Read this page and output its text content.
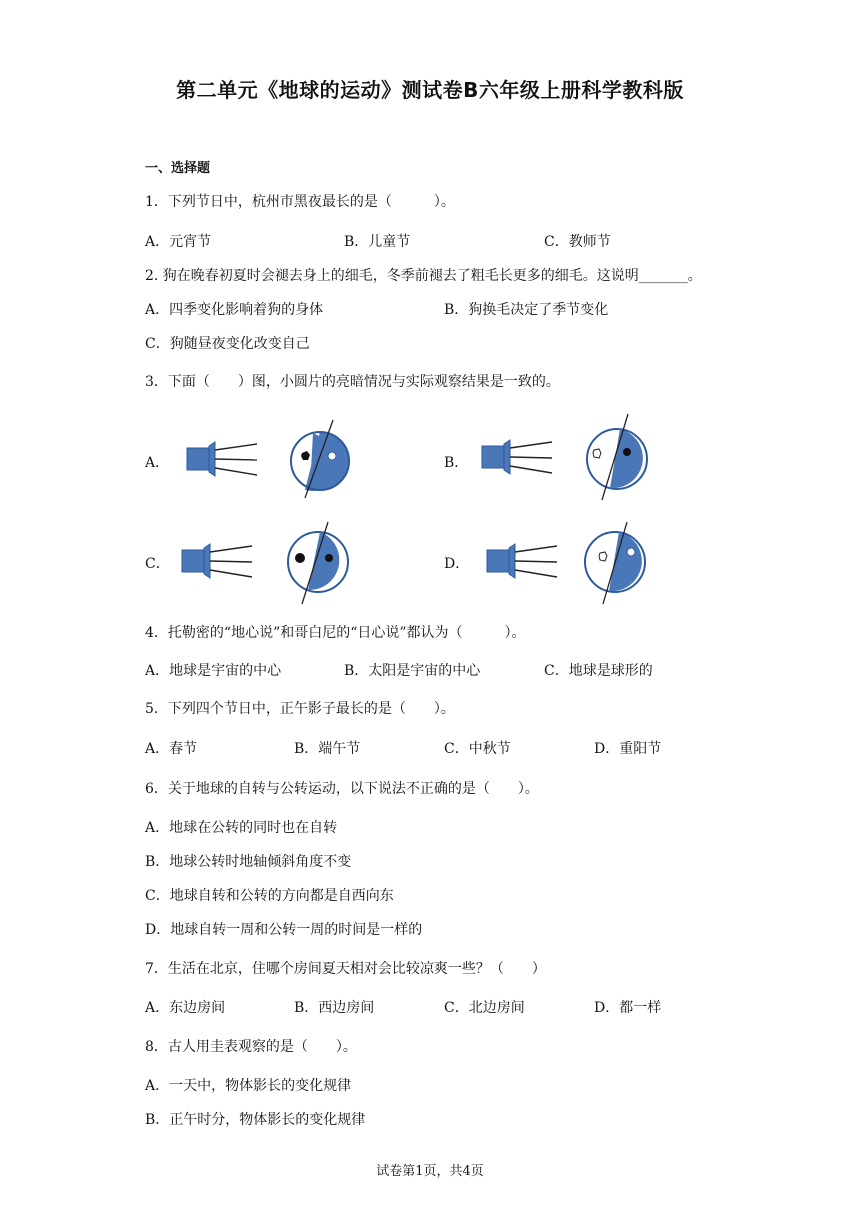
第二单元《地球的运动》测试卷B六年级上册科学教科版
一、选择题
1．下列节日中，杭州市黑夜最长的是（　　　）。
A．元宵节	B．儿童节	C．教师节
2. 狗在晚春初夏时会褪去身上的细毛，冬季前褪去了粗毛长更多的细毛。这说明_______。
A．四季变化影响着狗的身体	B．狗换毛决定了季节变化
C．狗随昼夜变化改变自己
3．下面（　　）图，小圆片的亮暗情况与实际观察结果是一致的。
A．	B．
C．	D．
4．托勒密的“地心说”和哥白尼的“日心说”都认为（　　　）。
A．地球是宇宙的中心	B．太阳是宇宙的中心	C．地球是球形的
5．下列四个节日中，正午影子最长的是（　　）。
A．春节	B．端午节	C．中秋节	D．重阳节
6．关于地球的自转与公转运动，以下说法不正确的是（　　）。
A．地球在公转的同时也在自转
B．地球公转时地轴倾斜角度不变
C．地球自转和公转的方向都是自西向东
D．地球自转一周和公转一周的时间是一样的
7．生活在北京，住哪个房间夏天相对会比较凉爽一些？（　　）
A．东边房间	B．西边房间	C．北边房间	D．都一样
8．古人用圭表观察的是（　　）。
A．一天中，物体影长的变化规律
B．正午时分，物体影长的变化规律
试卷第1页，共4页
